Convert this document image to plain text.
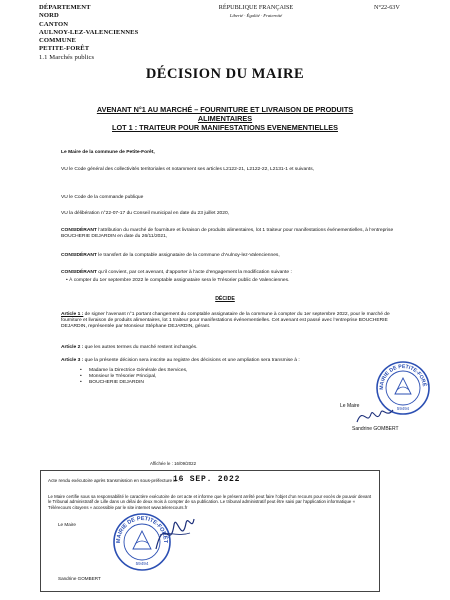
DÉPARTEMENT
NORD
CANTON
AULNOY-LEZ-VALENCIENNES
COMMUNE
PETITE-FORÊT
1.1 Marchés publics
RÉPUBLIQUE FRANÇAISE
Liberté · Égalité · Fraternité
N°22-63V
DÉCISION DU MAIRE
AVENANT N°1 AU MARCHÉ – FOURNITURE ET LIVRAISON DE PRODUITS
ALIMENTAIRES
LOT 1 : TRAITEUR POUR MANIFESTATIONS EVENEMENTIELLES
Le Maire de la commune de Petite-Forêt,
VU le Code général des collectivités territoriales et notamment ses articles L2122-21, L2122-22, L2131-1 et suivants,
VU le Code de la commande publique
VU la délibération n°22-07-17 du Conseil municipal en date du 23 juillet 2020,
CONSIDÉRANT l’attribution du marché de fourniture et livraison de produits alimentaires, lot 1 traiteur pour manifestations événementielles, à l’entreprise BOUCHERIE DEJARDIN en date du 26/11/2021,
CONSIDÉRANT le transfert de la comptable assignataire de la commune d’Aulnoy-lez-Valenciennes,
CONSIDÉRANT qu’il convient, par cet avenant, d’apporter à l’acte d’engagement la modification suivante :
• À compter du 1er septembre 2022 le comptable assignataire sera le Trésorier public de Valenciennes.
DÉCIDE
Article 1 : de signer l’avenant n°1 portant changement du comptable assignataire de la commune à compter du 1er septembre 2022, pour le marché de fourniture et livraison de produits alimentaires, lot 1 traiteur pour manifestations événementielles. Cet avenant est passé avec l’entreprise BOUCHERIE DEJARDIN, représentée par Monsieur Stéphane DEJARDIN, gérant.
Article 2 : que les autres termes du marché restent inchangés.
Article 3 : que la présente décision sera inscrite au registre des décisions et une ampliation sera transmise à :
• Madame la Directrice Générale des Services,
• Monsieur le Trésorier Principal,
• BOUCHERIE DEJARDIN
Le Maire
Sandrine GOMBERT
MAIRIE DE PETITE-FORÊ
59494
Affichée le : 16/09/2022
Acte rendu exécutoire après transmission en sous-préfecture le :
16 SEP. 2022
Le Maire certifie sous sa responsabilité le caractère exécutoire de cet acte et informe que le présent arrêté peut faire l’objet d’un recours pour excès de pouvoir devant le Tribunal administratif de Lille dans un délai de deux mois à compter de sa publication. Le tribunal administratif peut être saisi par l’application informatique « Télérecours citoyens » accessible par le site internet www.telerecours.fr
Le Maire
Sandrine GOMBERT
MAIRIE DE PETITE-FORÊT
59494
